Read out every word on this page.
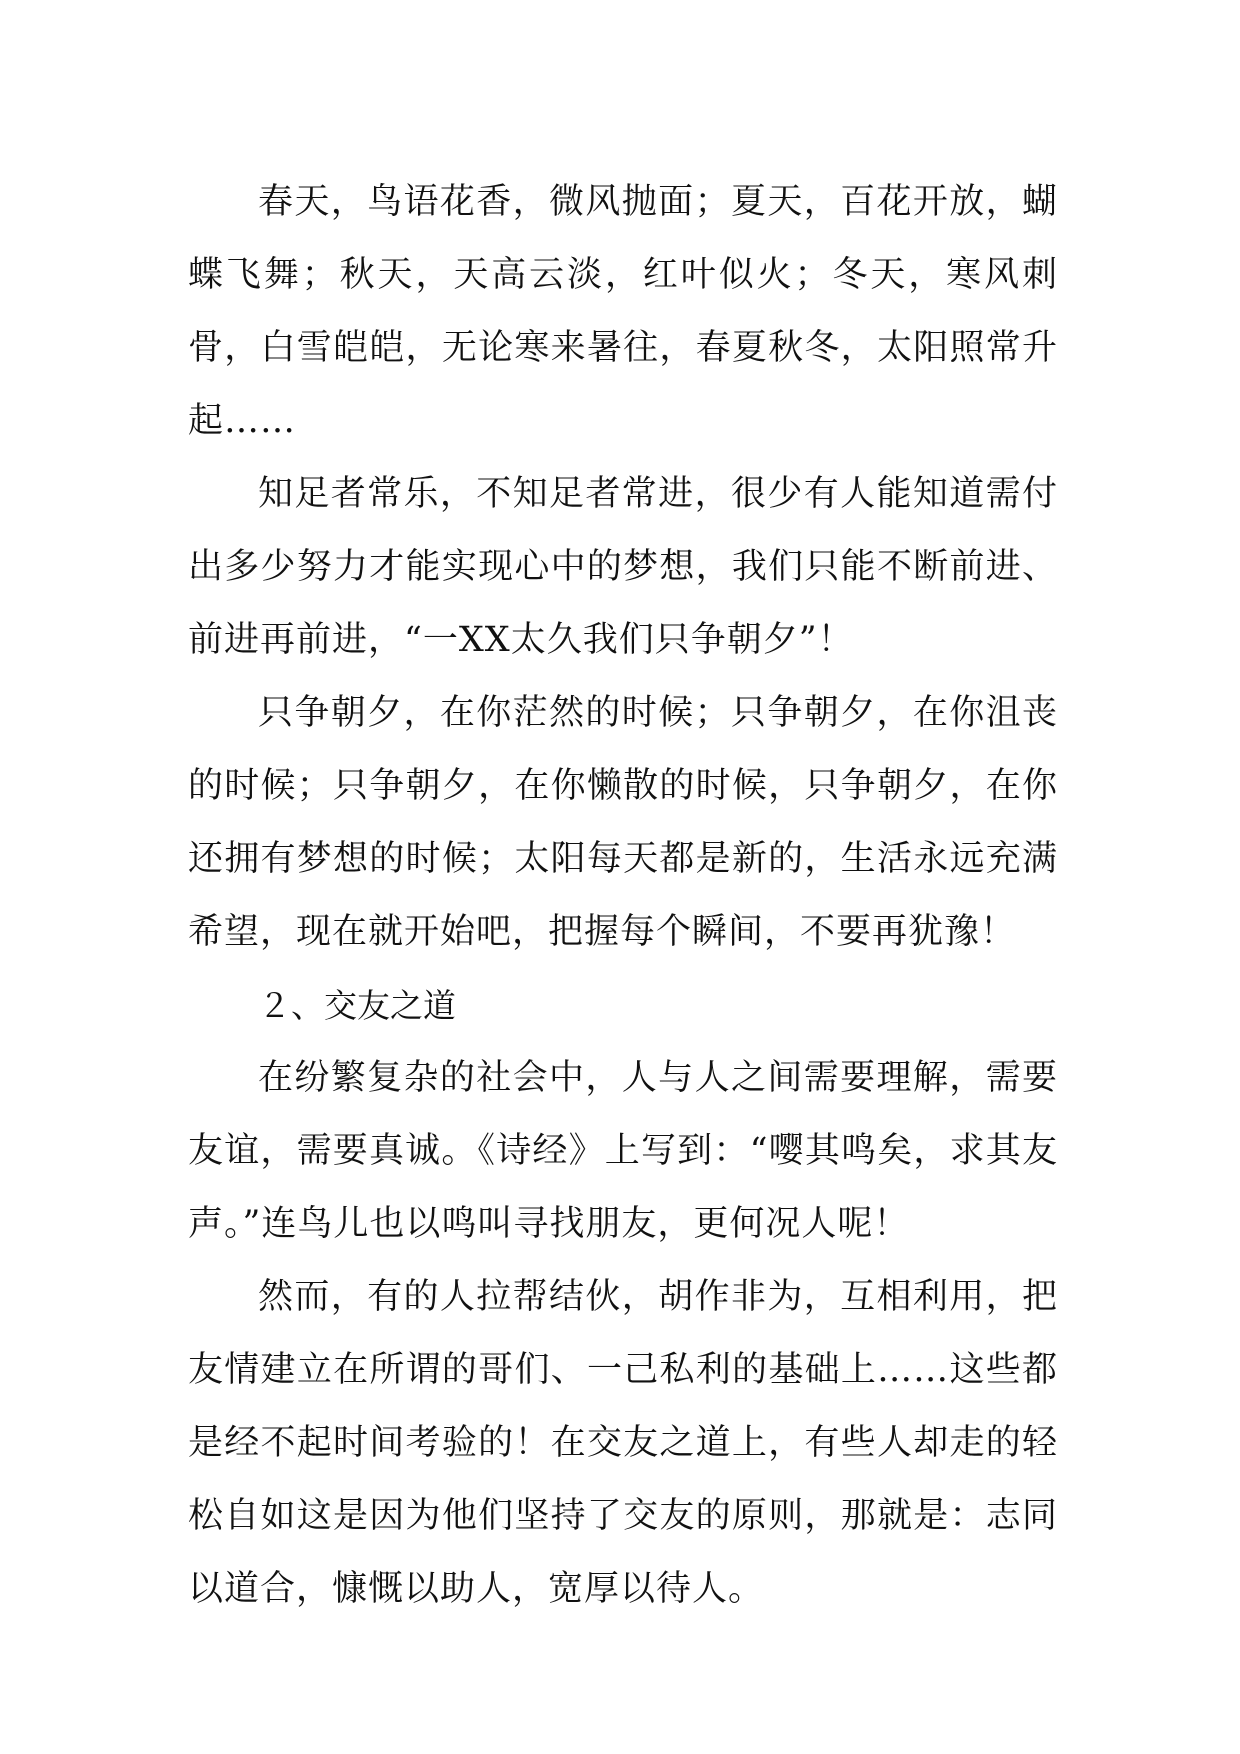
春天，鸟语花香，微风抛面；夏天，百花开放，蝴蝶飞舞；秋天，天高云淡，红叶似火；冬天，寒风刺骨，白雪皑皑，无论寒来暑往，春夏秋冬，太阳照常升起……

知足者常乐，不知足者常进，很少有人能知道需付出多少努力才能实现心中的梦想，我们只能不断前进、前进再前进，“一XX太久我们只争朝夕”！

只争朝夕，在你茫然的时候；只争朝夕，在你沮丧的时候；只争朝夕，在你懒散的时候，只争朝夕，在你还拥有梦想的时候；太阳每天都是新的，生活永远充满希望，现在就开始吧，把握每个瞬间，不要再犹豫！

２、交友之道

在纷繁复杂的社会中，人与人之间需要理解，需要友谊，需要真诚。《诗经》上写到：“嘤其鸣矣，求其友声。”连鸟儿也以鸣叫寻找朋友，更何况人呢！

然而，有的人拉帮结伙，胡作非为，互相利用，把友情建立在所谓的哥们、一己私利的基础上……这些都是经不起时间考验的！在交友之道上，有些人却走的轻松自如这是因为他们坚持了交友的原则，那就是：志同以道合，慷慨以助人，宽厚以待人。
